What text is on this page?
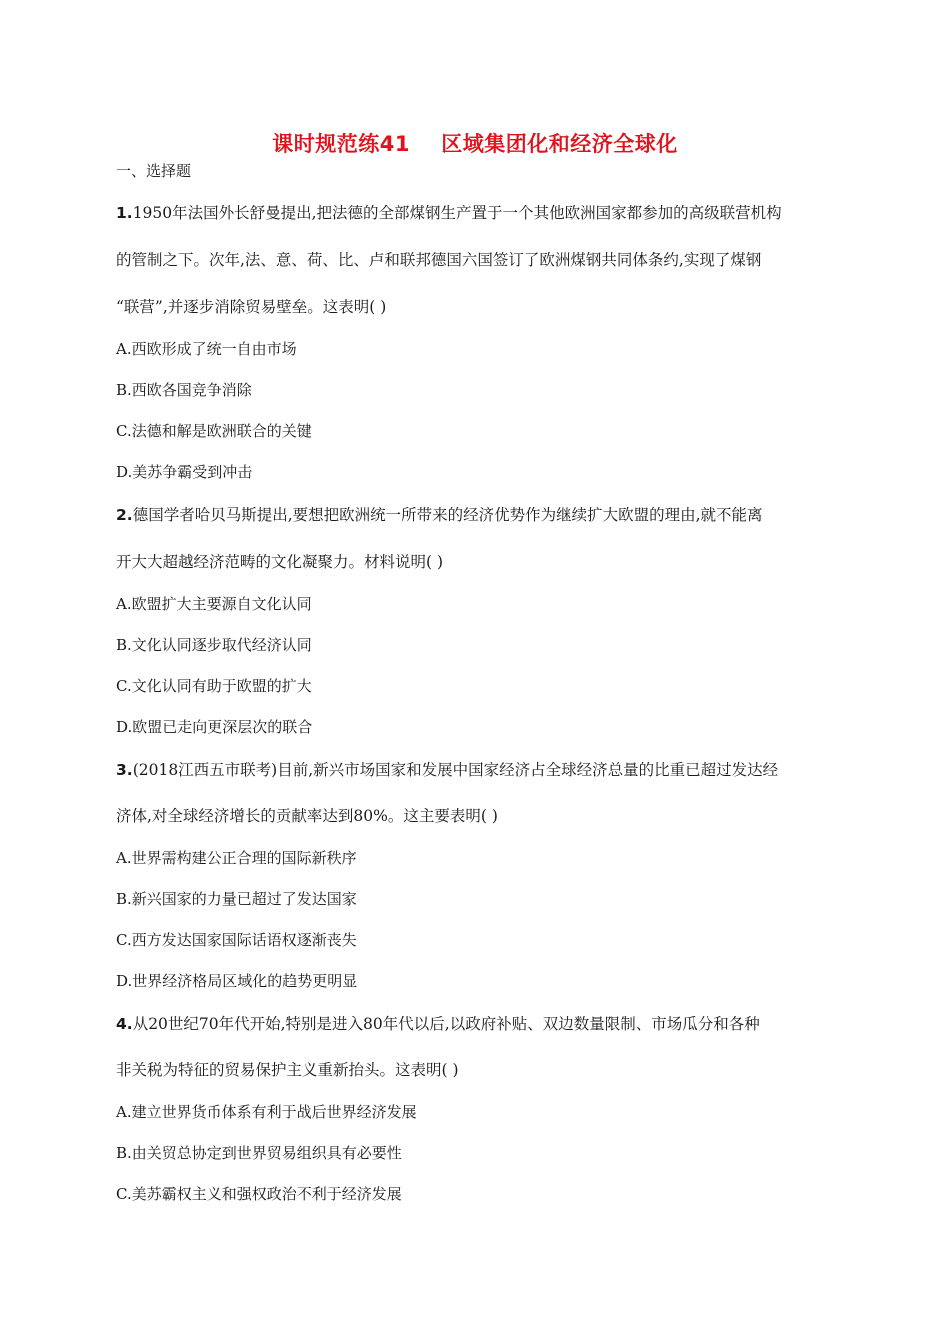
课时规范练41    区域集团化和经济全球化
一、选择题
1.1950年法国外长舒曼提出,把法德的全部煤钢生产置于一个其他欧洲国家都参加的高级联营机构
的管制之下。次年,法、意、荷、比、卢和联邦德国六国签订了欧洲煤钢共同体条约,实现了煤钢
“联营”,并逐步消除贸易壁垒。这表明( )
A.西欧形成了统一自由市场
B.西欧各国竞争消除
C.法德和解是欧洲联合的关键
D.美苏争霸受到冲击
2.德国学者哈贝马斯提出,要想把欧洲统一所带来的经济优势作为继续扩大欧盟的理由,就不能离
开大大超越经济范畴的文化凝聚力。材料说明( )
A.欧盟扩大主要源自文化认同
B.文化认同逐步取代经济认同
C.文化认同有助于欧盟的扩大
D.欧盟已走向更深层次的联合
3.(2018江西五市联考)目前,新兴市场国家和发展中国家经济占全球经济总量的比重已超过发达经
济体,对全球经济增长的贡献率达到80%。这主要表明( )
A.世界需构建公正合理的国际新秩序
B.新兴国家的力量已超过了发达国家
C.西方发达国家国际话语权逐渐丧失
D.世界经济格局区域化的趋势更明显
4.从20世纪70年代开始,特别是进入80年代以后,以政府补贴、双边数量限制、市场瓜分和各种
非关税为特征的贸易保护主义重新抬头。这表明( )
A.建立世界货币体系有利于战后世界经济发展
B.由关贸总协定到世界贸易组织具有必要性
C.美苏霸权主义和强权政治不利于经济发展
